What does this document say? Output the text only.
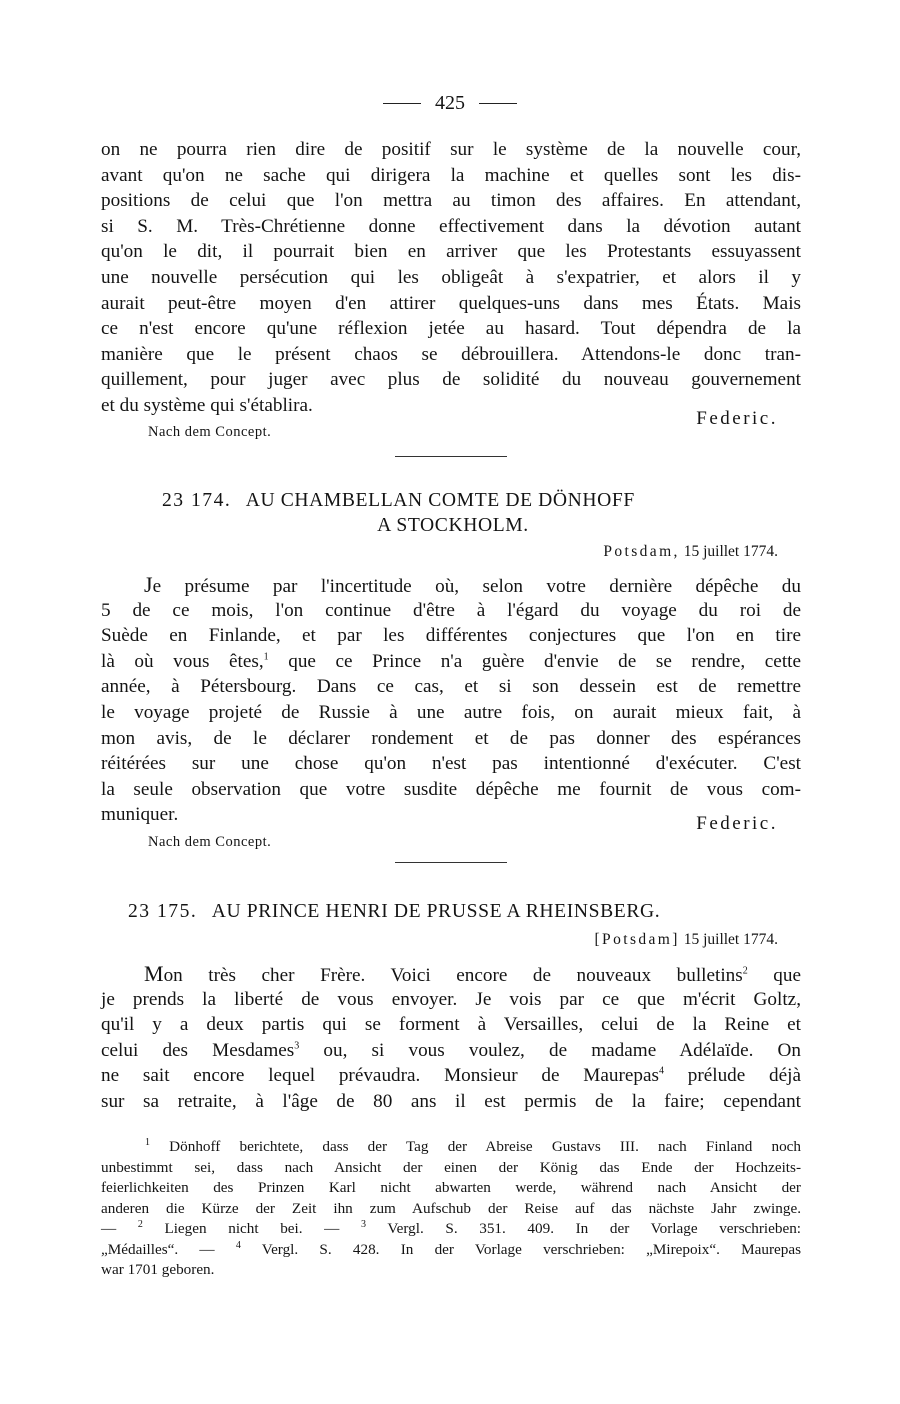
425
on ne pourra rien dire de positif sur le système de la nouvelle cour,
avant qu'on ne sache qui dirigera la machine et quelles sont les dis-
positions de celui que l'on mettra au timon des affaires. En attendant,
si S. M. Très-Chrétienne donne effectivement dans la dévotion autant
qu'on le dit, il pourrait bien en arriver que les Protestants essuyassent
une nouvelle persécution qui les obligeât à s'expatrier, et alors il y
aurait peut-être moyen d'en attirer quelques-uns dans mes États. Mais
ce n'est encore qu'une réflexion jetée au hasard. Tout dépendra de la
manière que le présent chaos se débrouillera. Attendons-le donc tran-
quillement, pour juger avec plus de solidité du nouveau gouvernement
et du système qui s'établira.
Federic.
Nach dem Concept.
23 174. AU CHAMBELLAN COMTE DE DÖNHOFF
A STOCKHOLM.
Potsdam, 15 juillet 1774.
Je présume par l'incertitude où, selon votre dernière dépêche du
5 de ce mois, l'on continue d'être à l'égard du voyage du roi de
Suède en Finlande, et par les différentes conjectures que l'on en tire
là où vous êtes,$^1$ que ce Prince n'a guère d'envie de se rendre, cette
année, à Pétersbourg. Dans ce cas, et si son dessein est de remettre
le voyage projeté de Russie à une autre fois, on aurait mieux fait, à
mon avis, de le déclarer rondement et de pas donner des espérances
réitérées sur une chose qu'on n'est pas intentionné d'exécuter. C'est
la seule observation que votre susdite dépêche me fournit de vous com-
muniquer.	Federic.
Nach dem Concept.
23 175. AU PRINCE HENRI DE PRUSSE A RHEINSBERG.
[Potsdam] 15 juillet 1774.
Mon très cher Frère. Voici encore de nouveaux bulletins$^2$ que
je prends la liberté de vous envoyer. Je vois par ce que m'écrit Goltz,
qu'il y a deux partis qui se forment à Versailles, celui de la Reine et
celui des Mesdames$^3$ ou, si vous voulez, de madame Adélaïde. On
ne sait encore lequel prévaudra. Monsieur de Maurepas$^4$ prélude déjà
sur sa retraite, à l'âge de 80 ans il est permis de la faire; cependant
$^1$ Dönhoff berichtete, dass der Tag der Abreise Gustavs III. nach Finland noch
unbestimmt sei, dass nach Ansicht der einen der König das Ende der Hochzeits-
feierlichkeiten des Prinzen Karl nicht abwarten werde, während nach Ansicht der
anderen die Kürze der Zeit ihn zum Aufschub der Reise auf das nächste Jahr zwinge.
— $^2$ Liegen nicht bei. — $^3$ Vergl. S. 351. 409. In der Vorlage verschrieben:
„Médailles“. — $^4$ Vergl. S. 428. In der Vorlage verschrieben: „Mirepoix“. Maurepas
war 1701 geboren.
